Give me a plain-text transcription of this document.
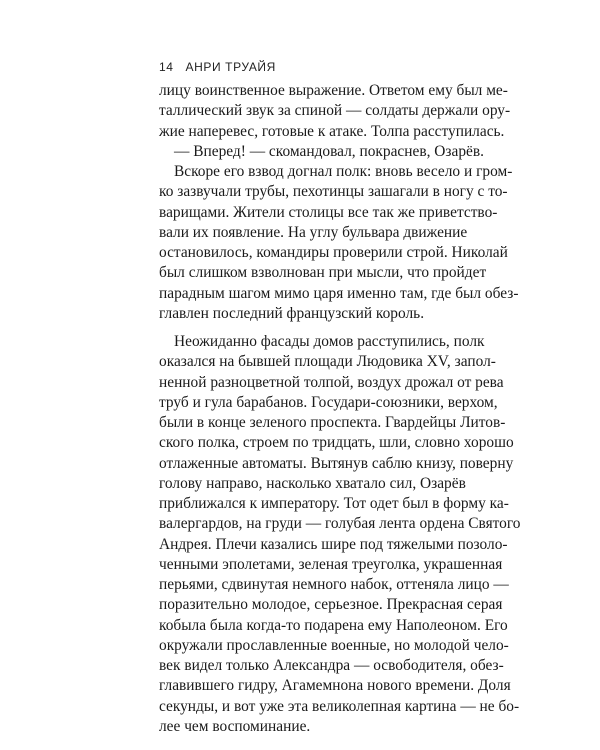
14 АНРИ ТРУАЙЯ
лицу воинственное выражение. Ответом ему был ме-
таллический звук за спиной — солдаты держали ору-
жие наперевес, готовые к атаке. Толпа расступилась.
— Вперед! — скомандовал, покраснев, Озарёв.
Вскоре его взвод догнал полк: вновь весело и гром-
ко зазвучали трубы, пехотинцы зашагали в ногу с то-
варищами. Жители столицы все так же приветство-
вали их появление. На углу бульвара движение
остановилось, командиры проверили строй. Николай
был слишком взволнован при мысли, что пройдет
парадным шагом мимо царя именно там, где был обез-
главлен последний французский король.
Неожиданно фасады домов расступились, полк
оказался на бывшей площади Людовика XV, запол-
ненной разноцветной толпой, воздух дрожал от рева
труб и гула барабанов. Государи-союзники, верхом,
были в конце зеленого проспекта. Гвардейцы Литов-
ского полка, строем по тридцать, шли, словно хорошо
отлаженные автоматы. Вытянув саблю книзу, поверну
голову направо, насколько хватало сил, Озарёв
приближался к императору. Тот одет был в форму ка-
валергардов, на груди — голубая лента ордена Святого
Андрея. Плечи казались шире под тяжелыми позоло-
ченными эполетами, зеленая треуголка, украшенная
перьями, сдвинутая немного набок, оттеняла лицо —
поразительно молодое, серьезное. Прекрасная серая
кобыла была когда-то подарена ему Наполеоном. Его
окружали прославленные военные, но молодой чело-
век видел только Александра — освободителя, обез-
главившего гидру, Агамемнона нового времени. Доля
секунды, и вот уже эта великолепная картина — не бо-
лее чем воспоминание.
